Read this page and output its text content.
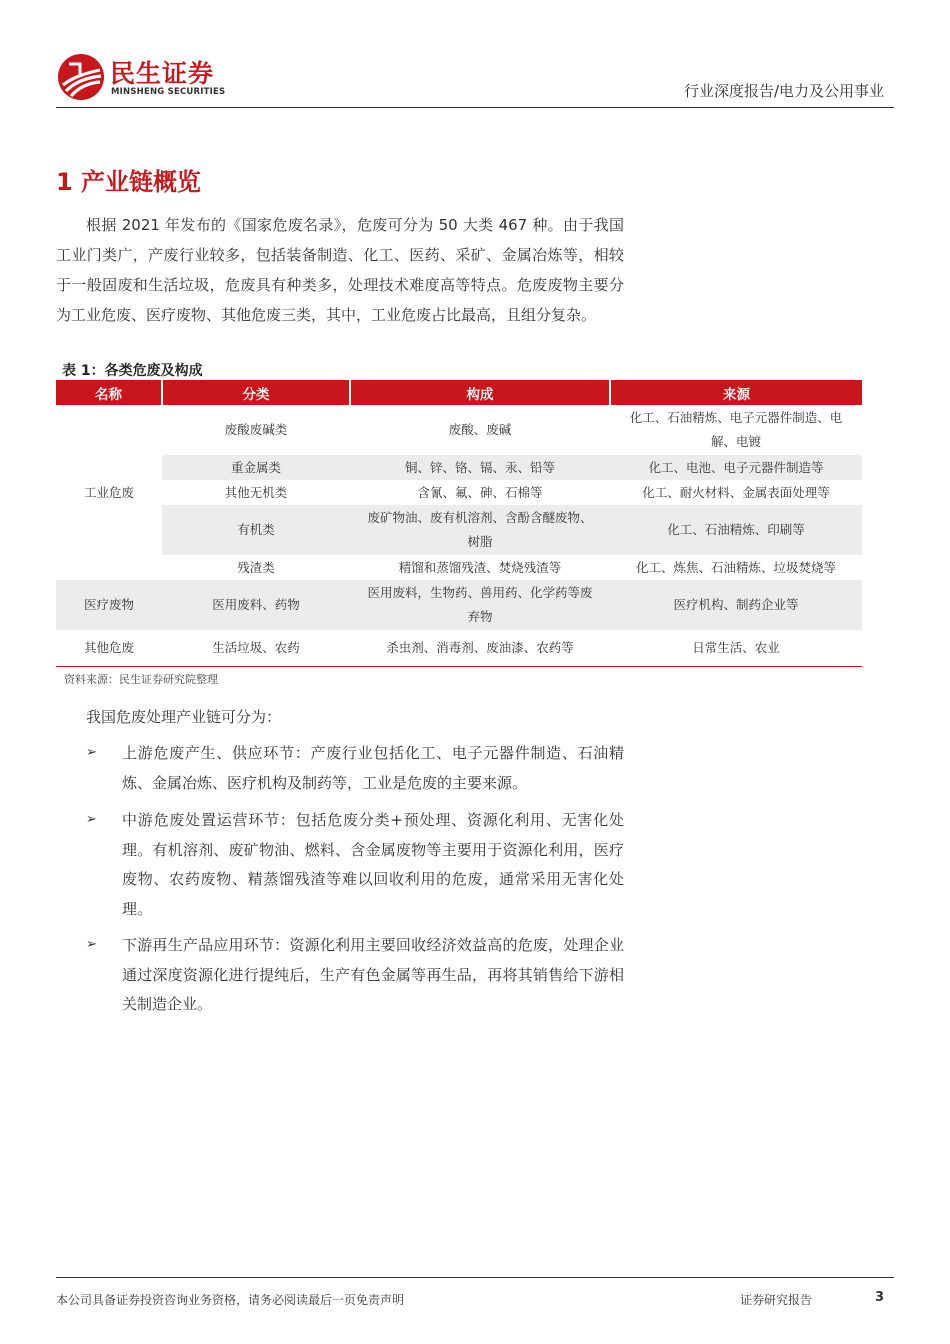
民生证券
MINSHENG SECURITIES	行业深度报告/电力及公用事业
1 产业链概览

根据 2021 年发布的《国家危废名录》，危废可分为 50 大类 467 种。由于我国工业门类广，产废行业较多，包括装备制造、化工、医药、采矿、金属冶炼等，相较于一般固废和生活垃圾，危废具有种类多，处理技术难度高等特点。危废废物主要分为工业危废、医疗废物、其他危废三类，其中，工业危废占比最高，且组分复杂。

表 1：各类危废及构成
名称	分类	构成	来源
工业危废	废酸废碱类	废酸、废碱	化工、石油精炼、电子元器件制造、电解、电镀
	重金属类	铜、锌、铬、镉、汞、铅等	化工、电池、电子元器件制造等
	其他无机类	含氰、氟、砷、石棉等	化工、耐火材料、金属表面处理等
	有机类	废矿物油、废有机溶剂、含酚含醚废物、树脂	化工、石油精炼、印刷等
	残渣类	精馏和蒸馏残渣、焚烧残渣等	化工、炼焦、石油精炼、垃圾焚烧等
医疗废物	医用废料、药物	医用废料，生物药、兽用药、化学药等废弃物	医疗机构、制药企业等
其他危废	生活垃圾、农药	杀虫剂、消毒剂、废油漆、农药等	日常生活、农业
资料来源：民生证券研究院整理

我国危废处理产业链可分为：

➢ 上游危废产生、供应环节：产废行业包括化工、电子元器件制造、石油精炼、金属冶炼、医疗机构及制药等，工业是危废的主要来源。

➢ 中游危废处置运营环节：包括危废分类+预处理、资源化利用、无害化处理。有机溶剂、废矿物油、燃料、含金属废物等主要用于资源化利用，医疗废物、农药废物、精蒸馏残渣等难以回收利用的危废，通常采用无害化处理。

➢ 下游再生产品应用环节：资源化利用主要回收经济效益高的危废，处理企业通过深度资源化进行提纯后，生产有色金属等再生品，再将其销售给下游相关制造企业。

本公司具备证券投资咨询业务资格，请务必阅读最后一页免责声明	证券研究报告	3
